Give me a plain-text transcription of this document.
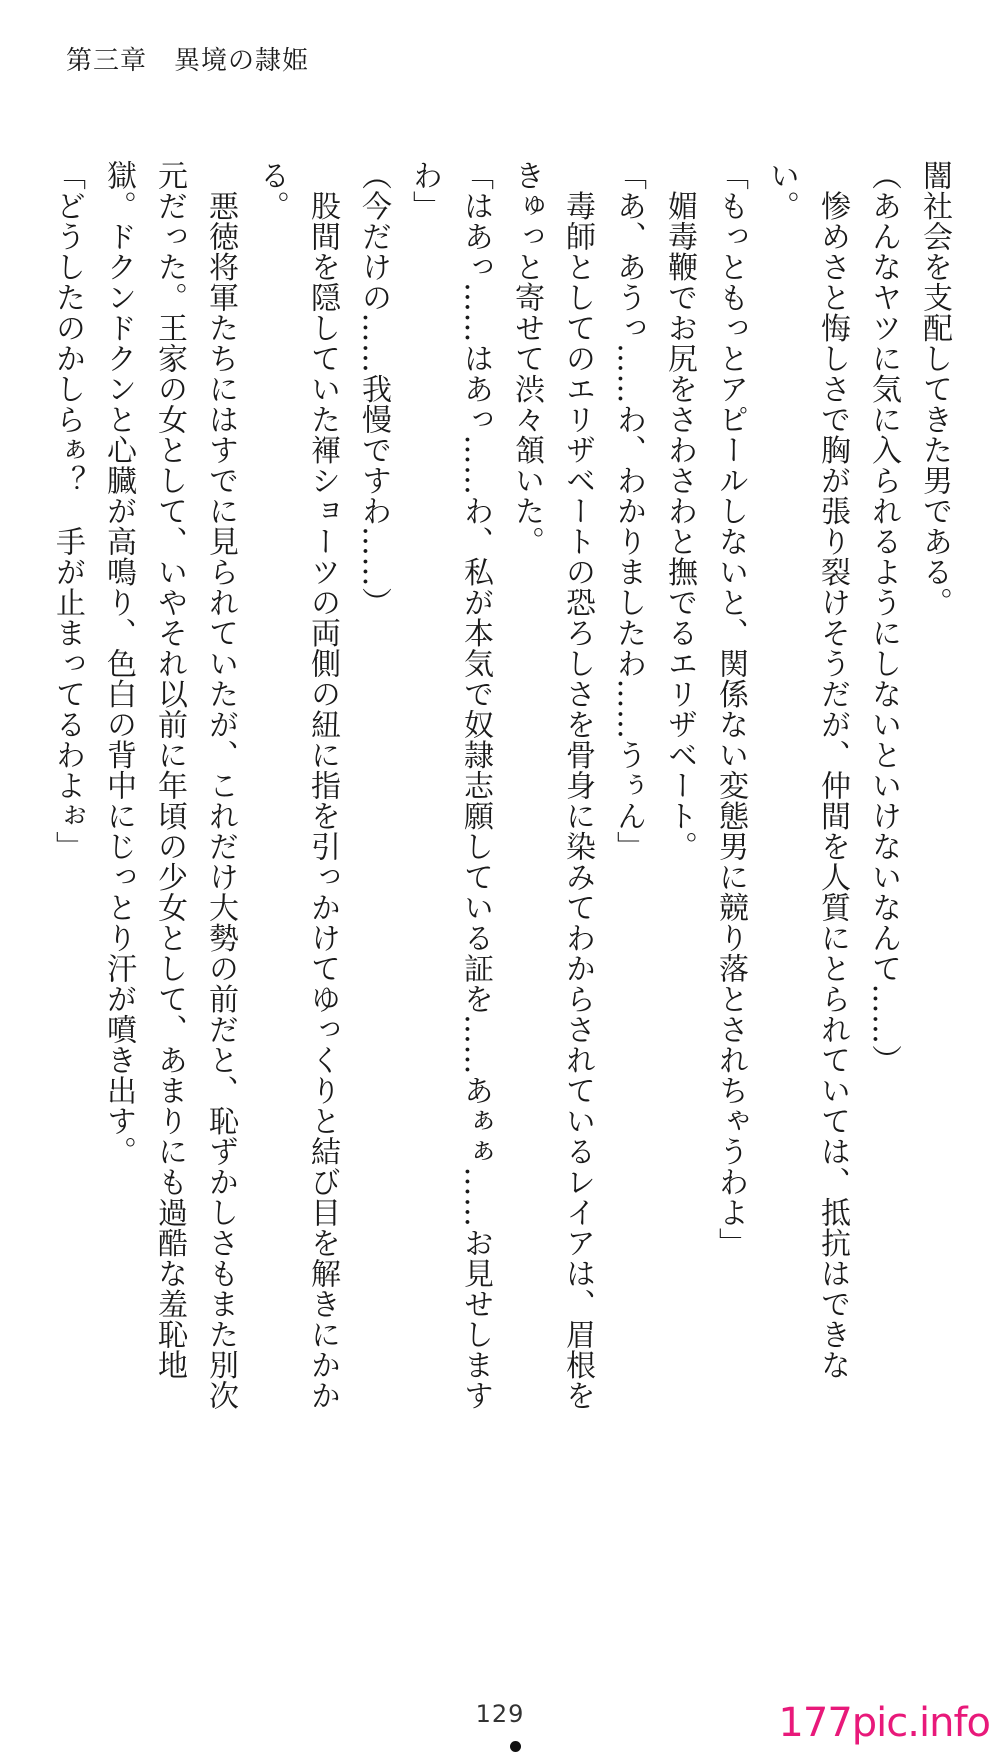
第三章　異境の隷姫

闇社会を支配してきた男である。

（あんなヤツに気に入られるようにしないといけないなんて……）

　惨めさと悔しさで胸が張り裂けそうだが、仲間を人質にとられていては、抵抗はできない。

「もっともっとアピールしないと、関係ない変態男に競り落とされちゃうわよ」

　媚毒鞭でお尻をさわさわと撫でるエリザベート。

「あ、あうっ……わ、わかりましたわ……うぅん」

　毒師としてのエリザベートの恐ろしさを骨身に染みてわからされているレイアは、眉根をきゅっと寄せて渋々頷いた。

「はあっ……はあっ……わ、私が本気で奴隷志願している証を……あぁぁ……お見せしますわ」

（今だけの……我慢ですわ……）

　股間を隠していた褌ショーツの両側の紐に指を引っかけてゆっくりと結び目を解きにかかる。

　悪徳将軍たちにはすでに見られていたが、これだけ大勢の前だと、恥ずかしさもまた別次元だった。王家の女として、いやそれ以前に年頃の少女として、あまりにも過酷な羞恥地獄。ドクンドクンと心臓が高鳴り、色白の背中にじっとり汗が噴き出す。

「どうしたのかしらぁ？　手が止まってるわよぉ」

129	177pic.info
